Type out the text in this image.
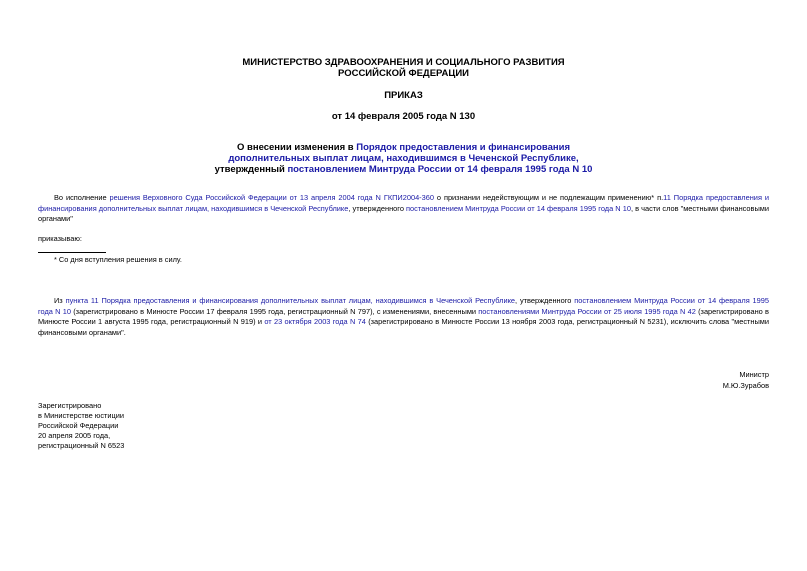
МИНИСТЕРСТВО ЗДРАВООХРАНЕНИЯ И СОЦИАЛЬНОГО РАЗВИТИЯ
РОССИЙСКОЙ ФЕДЕРАЦИИ
ПРИКАЗ
от 14 февраля 2005 года N 130
О внесении изменения в Порядок предоставления и финансирования
дополнительных выплат лицам, находившимся в Чеченской Республике,
утвержденный постановлением Минтруда России от 14 февраля 1995 года N 10
Во исполнение решения Верховного Суда Российской Федерации от 13 апреля 2004 года N ГКПИ2004-360 о признании недействующим и не подлежащим применению* п.11 Порядка предоставления и финансирования дополнительных выплат лицам, находившимся в Чеченской Республике, утвержденного постановлением Минтруда России от 14 февраля 1995 года N 10, в части слов "местными финансовыми органами"
приказываю:
* Со дня вступления решения в силу.
Из пункта 11 Порядка предоставления и финансирования дополнительных выплат лицам, находившимся в Чеченской Республике, утвержденного постановлением Минтруда России от 14 февраля 1995 года N 10 (зарегистрировано в Минюсте России 17 февраля 1995 года, регистрационный N 797), с изменениями, внесенными постановлениями Минтруда России от 25 июля 1995 года N 42 (зарегистрировано в Минюсте России 1 августа 1995 года, регистрационный N 919) и от 23 октября 2003 года N 74 (зарегистрировано в Минюсте России 13 ноября 2003 года, регистрационный N 5231), исключить слова "местными финансовыми органами".
Министр
М.Ю.Зурабов
Зарегистрировано
в Министерстве юстиции
Российской Федерации
20 апреля 2005 года,
регистрационный N 6523
